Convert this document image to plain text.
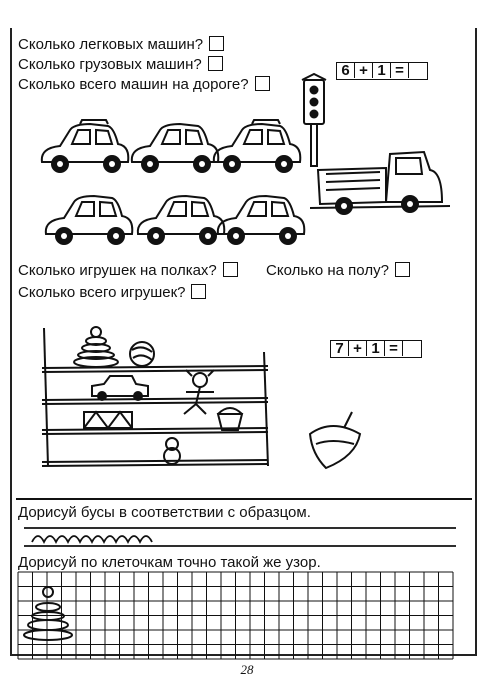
Сколько легковых машин?
Сколько грузовых машин?
Сколько всего машин на дороге?
6 + 1 =
Сколько игрушек на полках?	Сколько на полу?
Сколько всего игрушек?
7 + 1 =
Дорисуй бусы в соответствии с образцом.
Дорисуй по клеточкам точно такой же узор.
28
